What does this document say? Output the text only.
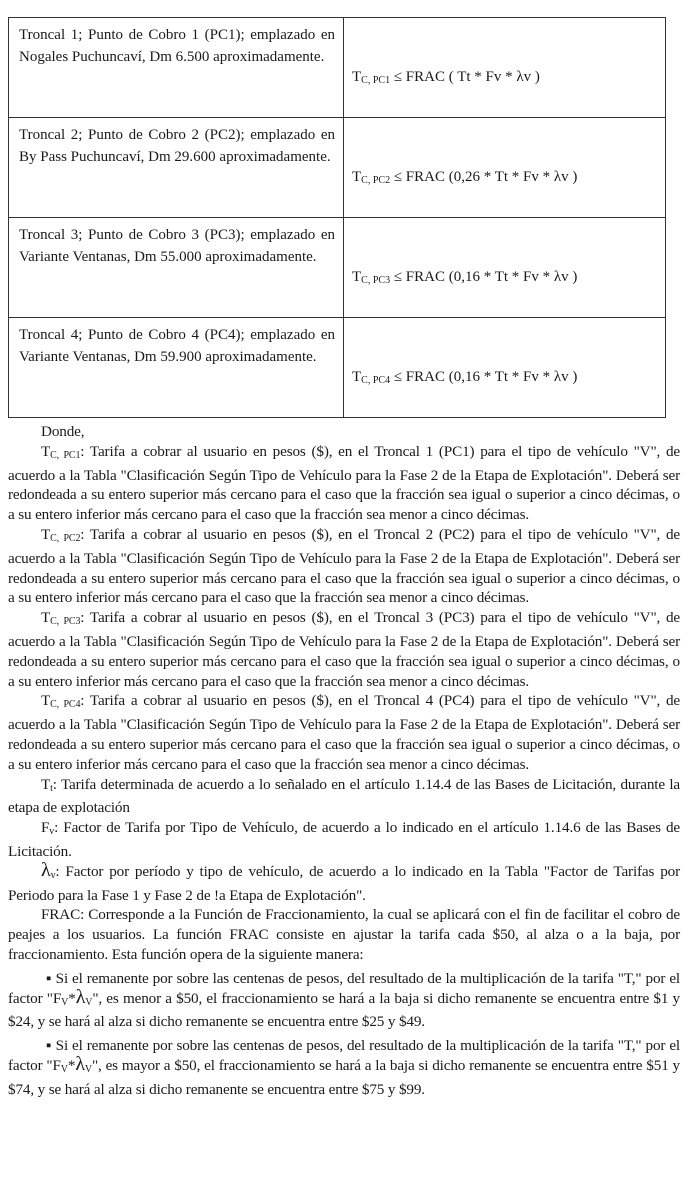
Troncal 1; Punto de Cobro 1 (PC1); emplazado en Nogales Puchuncaví, Dm 6.500 aproximadamente.	$T_{C, PC1}$ ≤ FRAC ( Tt * Fv * λv )

Troncal 2; Punto de Cobro 2 (PC2); emplazado en By Pass Puchuncaví, Dm 29.600 aproximadamente.	$T_{C, PC2}$ ≤ FRAC (0,26 * Tt * Fv * λv )

Troncal 3; Punto de Cobro 3 (PC3); emplazado en Variante Ventanas, Dm 55.000 aproximadamente.	$T_{C, PC3}$ ≤ FRAC (0,16 * Tt * Fv * λv )

Troncal 4; Punto de Cobro 4 (PC4); emplazado en Variante Ventanas, Dm 59.900 aproximadamente.	$T_{C, PC4}$ ≤ FRAC (0,16 * Tt * Fv * λv )

Donde,

$T_{C, PC1}$: Tarifa a cobrar al usuario en pesos ($), en el Troncal 1 (PC1) para el tipo de vehículo "V", de acuerdo a la Tabla "Clasificación Según Tipo de Vehículo para la Fase 2 de la Etapa de Explotación". Deberá ser redondeada a su entero superior más cercano para el caso que la fracción sea igual o superior a cinco décimas, o a su entero inferior más cercano para el caso que la fracción sea menor a cinco décimas.

$T_{C, PC2}$: Tarifa a cobrar al usuario en pesos ($), en el Troncal 2 (PC2) para el tipo de vehículo "V", de acuerdo a la Tabla "Clasificación Según Tipo de Vehículo para la Fase 2 de la Etapa de Explotación". Deberá ser redondeada a su entero superior más cercano para el caso que la fracción sea igual o superior a cinco décimas, o a su entero inferior más cercano para el caso que la fracción sea menor a cinco décimas.

$T_{C, PC3}$: Tarifa a cobrar al usuario en pesos ($), en el Troncal 3 (PC3) para el tipo de vehículo "V", de acuerdo a la Tabla "Clasificación Según Tipo de Vehículo para la Fase 2 de la Etapa de Explotación". Deberá ser redondeada a su entero superior más cercano para el caso que la fracción sea igual o superior a cinco décimas, o a su entero inferior más cercano para el caso que la fracción sea menor a cinco décimas.

$T_{C, PC4}$: Tarifa a cobrar al usuario en pesos ($), en el Troncal 4 (PC4) para el tipo de vehículo "V", de acuerdo a la Tabla "Clasificación Según Tipo de Vehículo para la Fase 2 de la Etapa de Explotación". Deberá ser redondeada a su entero superior más cercano para el caso que la fracción sea igual o superior a cinco décimas, o a su entero inferior más cercano para el caso que la fracción sea menor a cinco décimas.

$T_t$: Tarifa determinada de acuerdo a lo señalado en el artículo 1.14.4 de las Bases de Licitación, durante la etapa de explotación

$F_v$: Factor de Tarifa por Tipo de Vehículo, de acuerdo a lo indicado en el artículo 1.14.6 de las Bases de Licitación.

$\lambda_v$: Factor por período y tipo de vehículo, de acuerdo a lo indicado en la Tabla "Factor de Tarifas por Periodo para la Fase 1 y Fase 2 de !a Etapa de Explotación".

FRAC: Corresponde a la Función de Fraccionamiento, la cual se aplicará con el fin de facilitar el cobro de peajes a los usuarios. La función FRAC consiste en ajustar la tarifa cada $50, al alza o a la baja, por fraccionamiento. Esta función opera de la siguiente manera:

▪ Si el remanente por sobre las centenas de pesos, del resultado de la multiplicación de la tarifa "T," por el factor "$F_V*\lambda_V$", es menor a $50, el fraccionamiento se hará a la baja si dicho remanente se encuentra entre $1 y $24, y se hará al alza si dicho remanente se encuentra entre $25 y $49.

▪ Si el remanente por sobre las centenas de pesos, del resultado de la multiplicación de la tarifa "T," por el factor "$F_V*\lambda_V$", es mayor a $50, el fraccionamiento se hará a la baja si dicho remanente se encuentra entre $51 y $74, y se hará al alza si dicho remanente se encuentra entre $75 y $99.
